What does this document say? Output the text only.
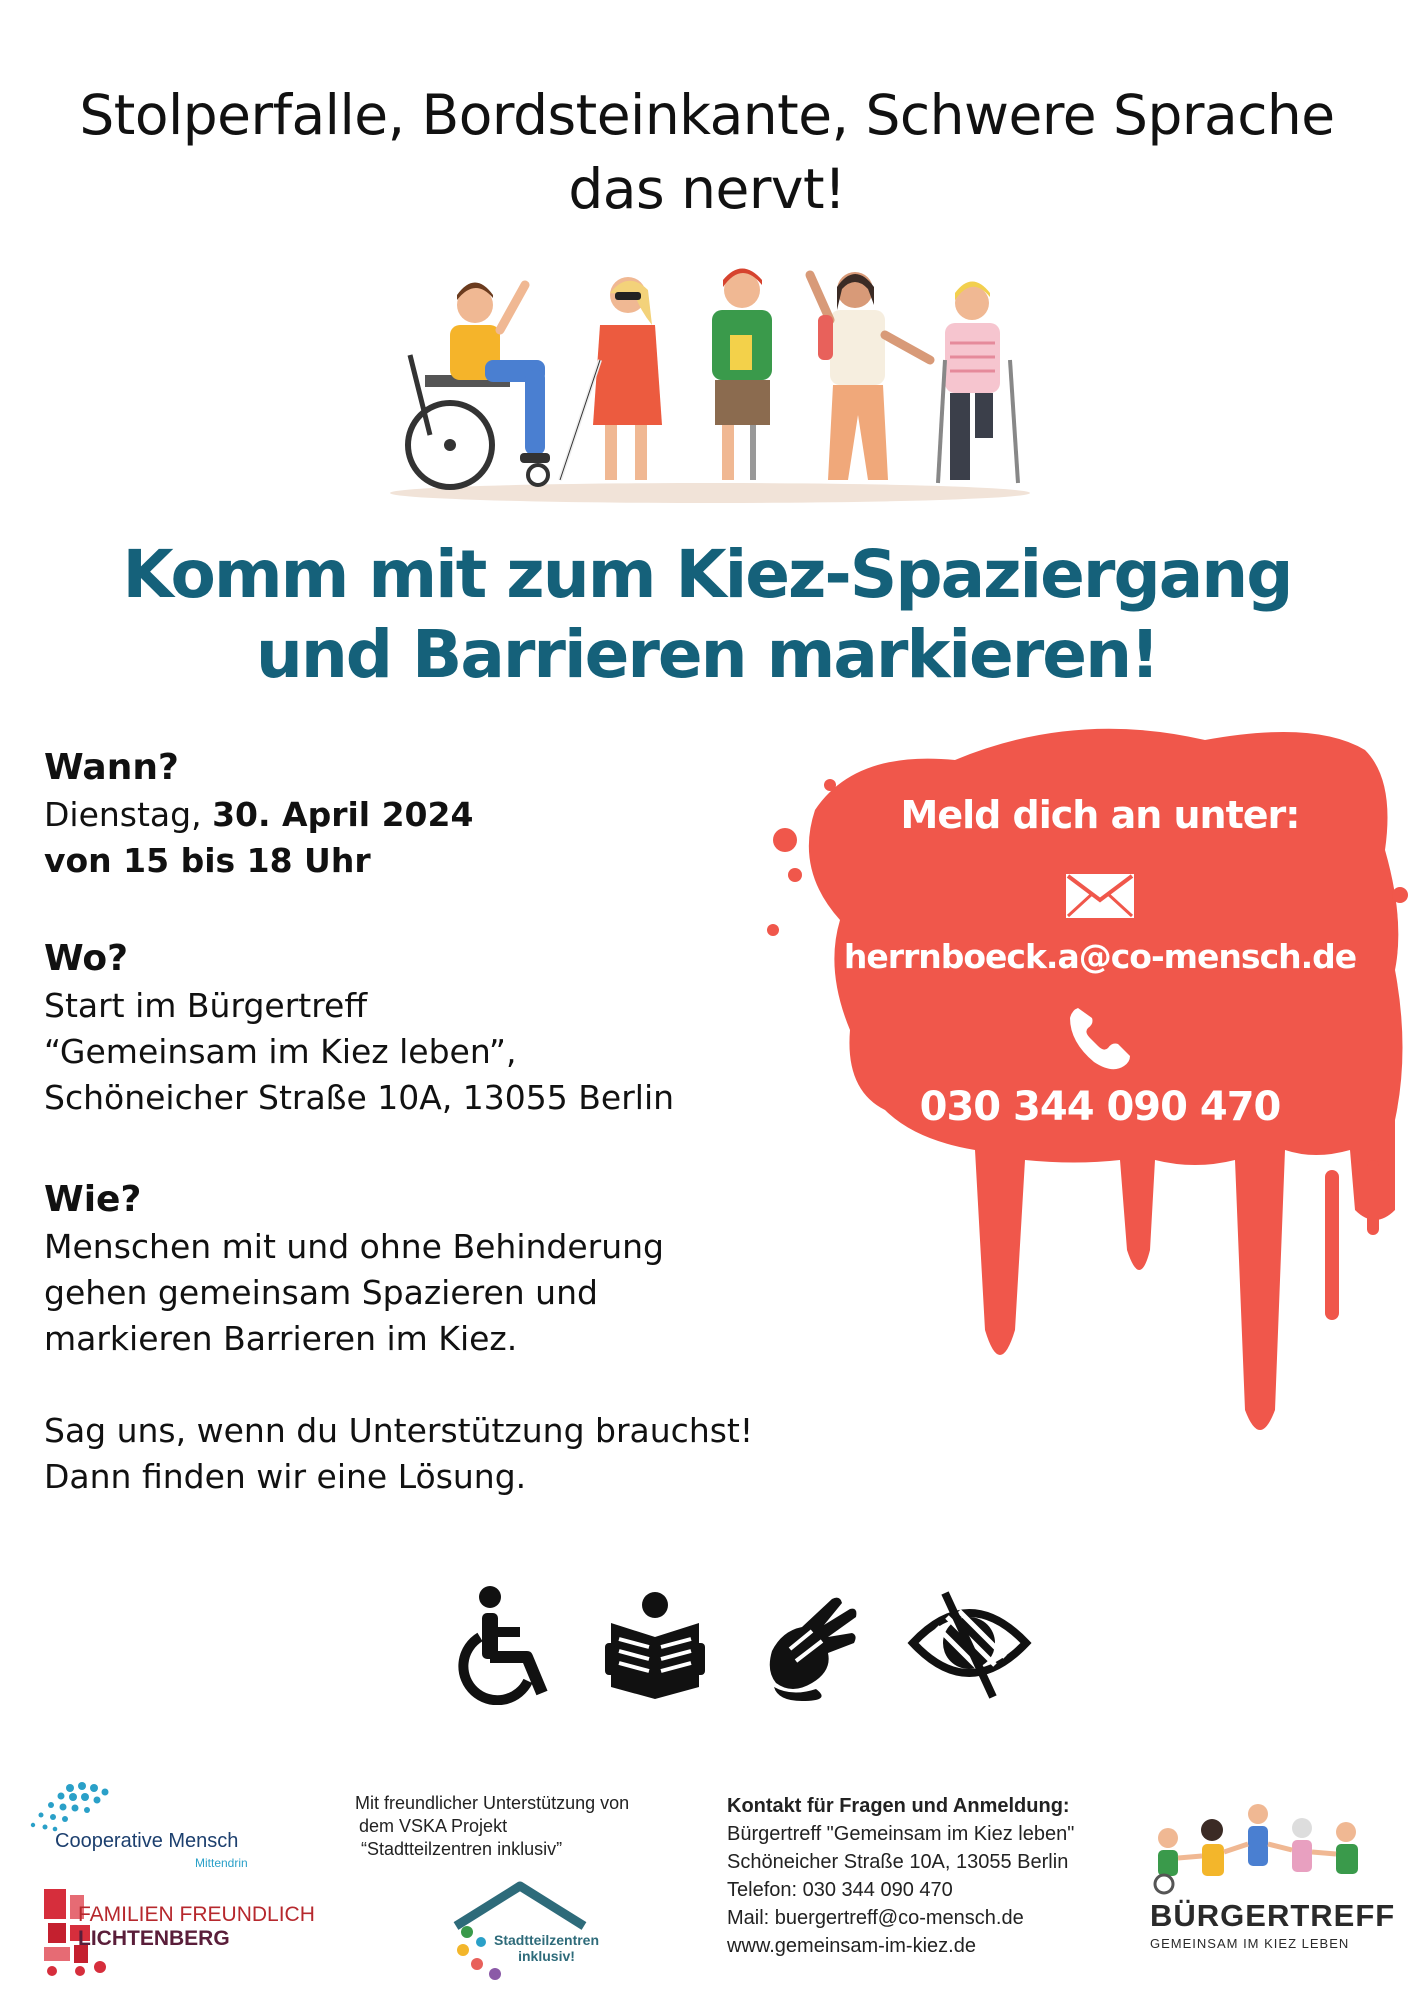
Stolperfalle, Bordsteinkante, Schwere Sprache
das nervt!
Komm mit zum Kiez-Spaziergang
und Barrieren markieren!
Meld dich an unter:
herrnboeck.a@co-mensch.de
030 344 090 470
Wann?
Dienstag, 30. April 2024
von 15 bis 18 Uhr
Wo?
Start im Bürgertreff
“Gemeinsam im Kiez leben”,
Schöneicher Straße 10A, 13055 Berlin
Wie?
Menschen mit und ohne Behinderung
gehen gemeinsam Spazieren und
markieren Barrieren im Kiez.
Sag uns, wenn du Unterstützung brauchst!
Dann finden wir eine Lösung.
Cooperative Mensch
Mittendrin
FAMILIEN FREUNDLICH
LICHTENBERG
Mit freundlicher Unterstützung von
dem VSKA Projekt
“Stadtteilzentren inklusiv”
Stadtteilzentren
inklusiv!
Kontakt für Fragen und Anmeldung:
Bürgertreff "Gemeinsam im Kiez leben"
Schöneicher Straße 10A, 13055 Berlin
Telefon: 030 344 090 470
Mail: buergertreff@co-mensch.de
www.gemeinsam-im-kiez.de
BÜRGERTREFF
GEMEINSAM IM KIEZ LEBEN
